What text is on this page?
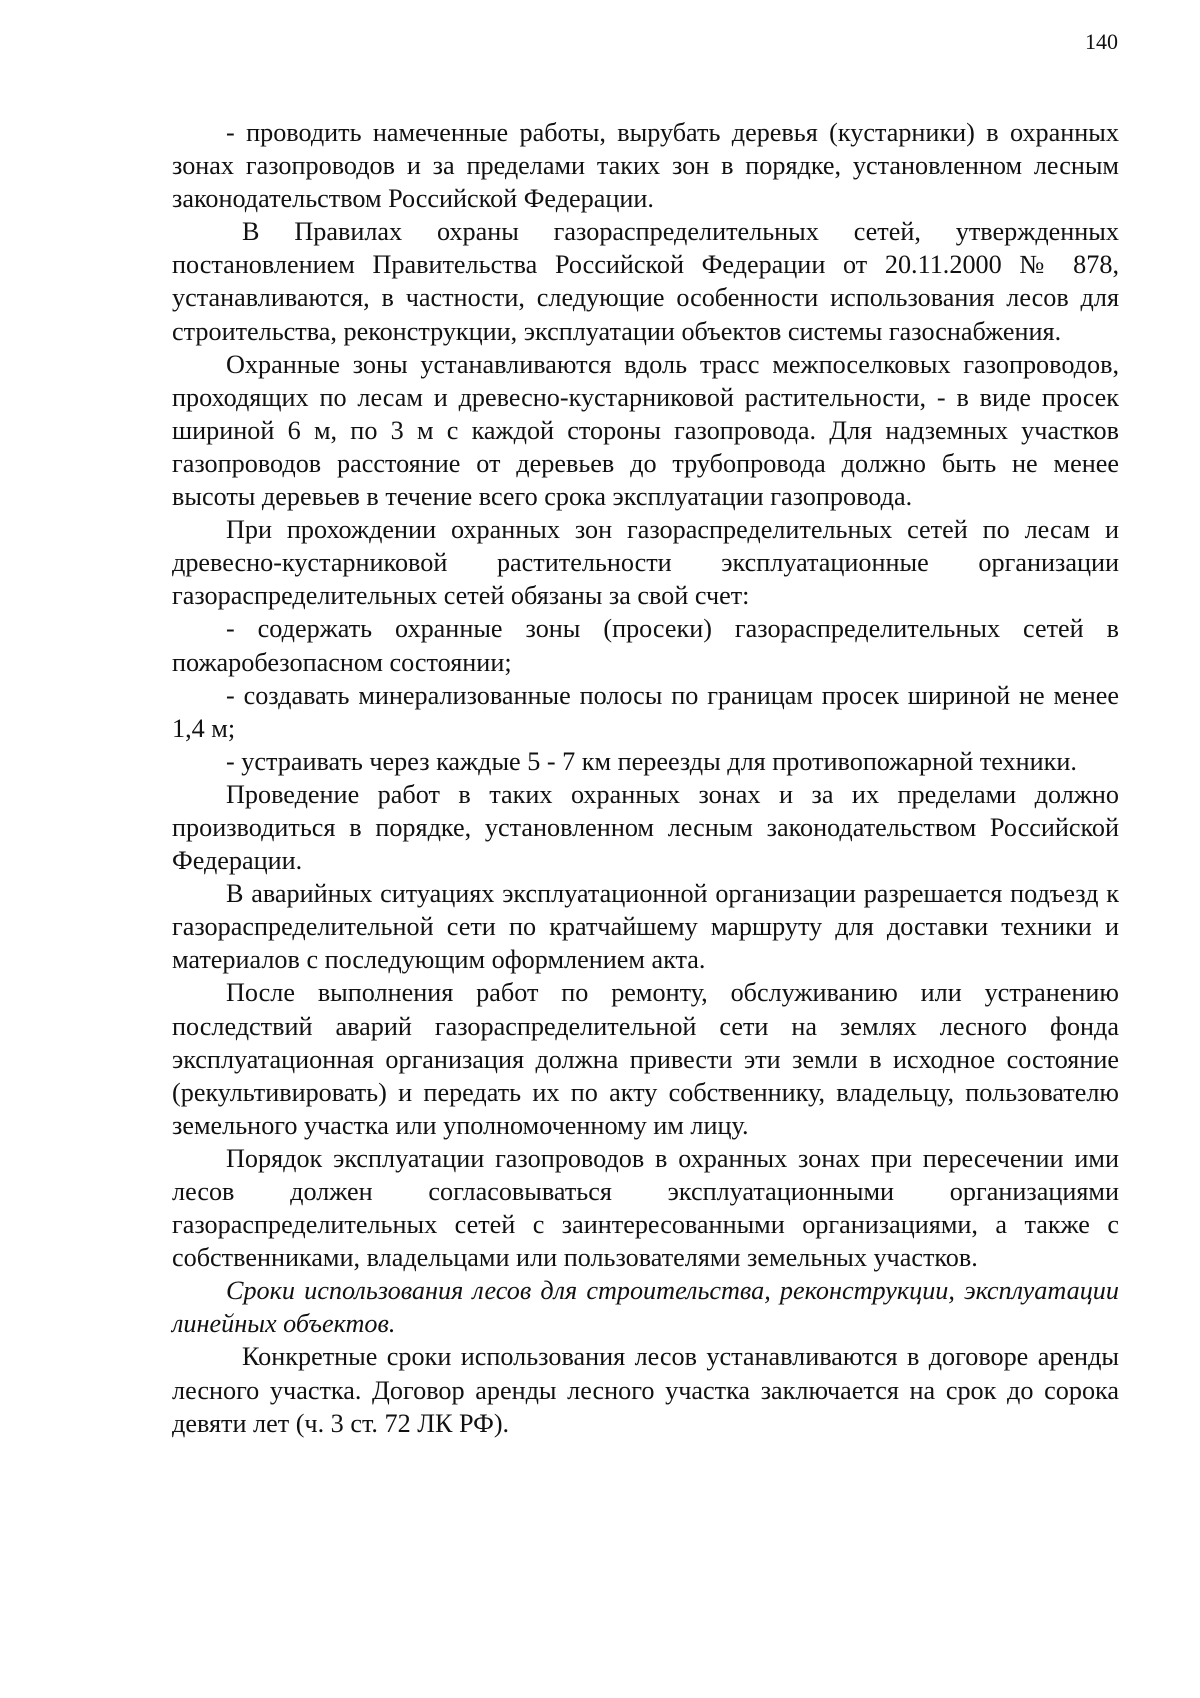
140

- проводить намеченные работы, вырубать деревья (кустарники) в охранных зонах газопроводов и за пределами таких зон в порядке, установленном лесным законодательством Российской Федерации.

В Правилах охраны газораспределительных сетей, утвержденных постановлением Правительства Российской Федерации от 20.11.2000 № 878, устанавливаются, в частности, следующие особенности использования лесов для строительства, реконструкции, эксплуатации объектов системы газоснабжения.

Охранные зоны устанавливаются вдоль трасс межпоселковых газопроводов, проходящих по лесам и древесно-кустарниковой растительности, - в виде просек шириной 6 м, по 3 м с каждой стороны газопровода. Для надземных участков газопроводов расстояние от деревьев до трубопровода должно быть не менее высоты деревьев в течение всего срока эксплуатации газопровода.

При прохождении охранных зон газораспределительных сетей по лесам и древесно-кустарниковой растительности эксплуатационные организации газораспределительных сетей обязаны за свой счет:

- содержать охранные зоны (просеки) газораспределительных сетей в пожаробезопасном состоянии;

- создавать минерализованные полосы по границам просек шириной не менее 1,4 м;

- устраивать через каждые 5 - 7 км переезды для противопожарной техники.

Проведение работ в таких охранных зонах и за их пределами должно производиться в порядке, установленном лесным законодательством Российской Федерации.

В аварийных ситуациях эксплуатационной организации разрешается подъезд к газораспределительной сети по кратчайшему маршруту для доставки техники и материалов с последующим оформлением акта.

После выполнения работ по ремонту, обслуживанию или устранению последствий аварий газораспределительной сети на землях лесного фонда эксплуатационная организация должна привести эти земли в исходное состояние (рекультивировать) и передать их по акту собственнику, владельцу, пользователю земельного участка или уполномоченному им лицу.

Порядок эксплуатации газопроводов в охранных зонах при пересечении ими лесов должен согласовываться эксплуатационными организациями газораспределительных сетей с заинтересованными организациями, а также с собственниками, владельцами или пользователями земельных участков.

Сроки использования лесов для строительства, реконструкции, эксплуатации линейных объектов.

Конкретные сроки использования лесов устанавливаются в договоре аренды лесного участка. Договор аренды лесного участка заключается на срок до сорока девяти лет (ч. 3 ст. 72 ЛК РФ).
